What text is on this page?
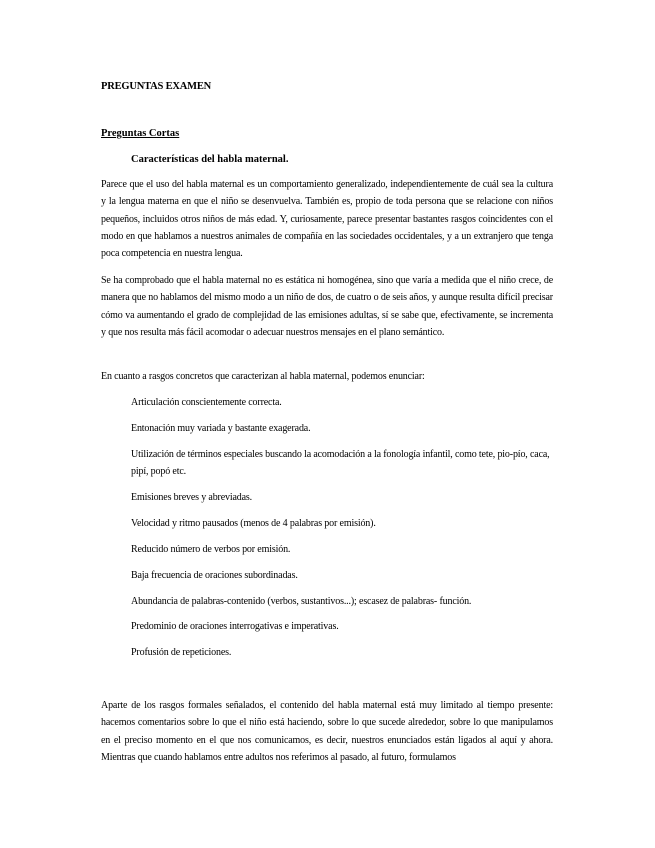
PREGUNTAS EXAMEN
Preguntas Cortas
Características del habla maternal.

Parece que el uso del habla maternal es un comportamiento generalizado, independientemente de cuál sea la cultura y la lengua materna en que el niño se desenvuelva. También es, propio de toda persona que se relacione con niños pequeños, incluidos otros niños de más edad. Y, curiosamente, parece presentar bastantes rasgos coincidentes con el modo en que hablamos a nuestros animales de compañía en las sociedades occidentales, y a un extranjero que tenga poca competencia en nuestra lengua.

Se ha comprobado que el habla maternal no es estática ni homogénea, sino que varía a medida que el niño crece, de manera que no hablamos del mismo modo a un niño de dos, de cuatro o de seis años, y aunque resulta difícil precisar cómo va aumentando el grado de complejidad de las emisiones adultas, sí se sabe que, efectivamente, se incrementa y que nos resulta más fácil acomodar o adecuar nuestros mensajes en el plano semántico.

En cuanto a rasgos concretos que caracterizan al habla maternal, podemos enunciar:

Articulación conscientemente correcta.
Entonación muy variada y bastante exagerada.
Utilización de términos especiales buscando la acomodación a la fonología infantil, como tete, pio-pío, caca, pipí, popó etc.
Emisiones breves y abreviadas.
Velocidad y ritmo pausados (menos de 4 palabras por emisión).
Reducido número de verbos por emisión.
Baja frecuencia de oraciones subordinadas.
Abundancia de palabras-contenido (verbos, sustantivos...); escasez de palabras- función.
Predominio de oraciones interrogativas e imperativas.
Profusión de repeticiones.

Aparte de los rasgos formales señalados, el contenido del habla maternal está muy limitado al tiempo presente: hacemos comentarios sobre lo que el niño está haciendo, sobre lo que sucede alrededor, sobre lo que manipulamos en el preciso momento en el que nos comunicamos, es decir, nuestros enunciados están ligados al aquí y ahora. Mientras que cuando hablamos entre adultos nos referimos al pasado, al futuro, formulamos
